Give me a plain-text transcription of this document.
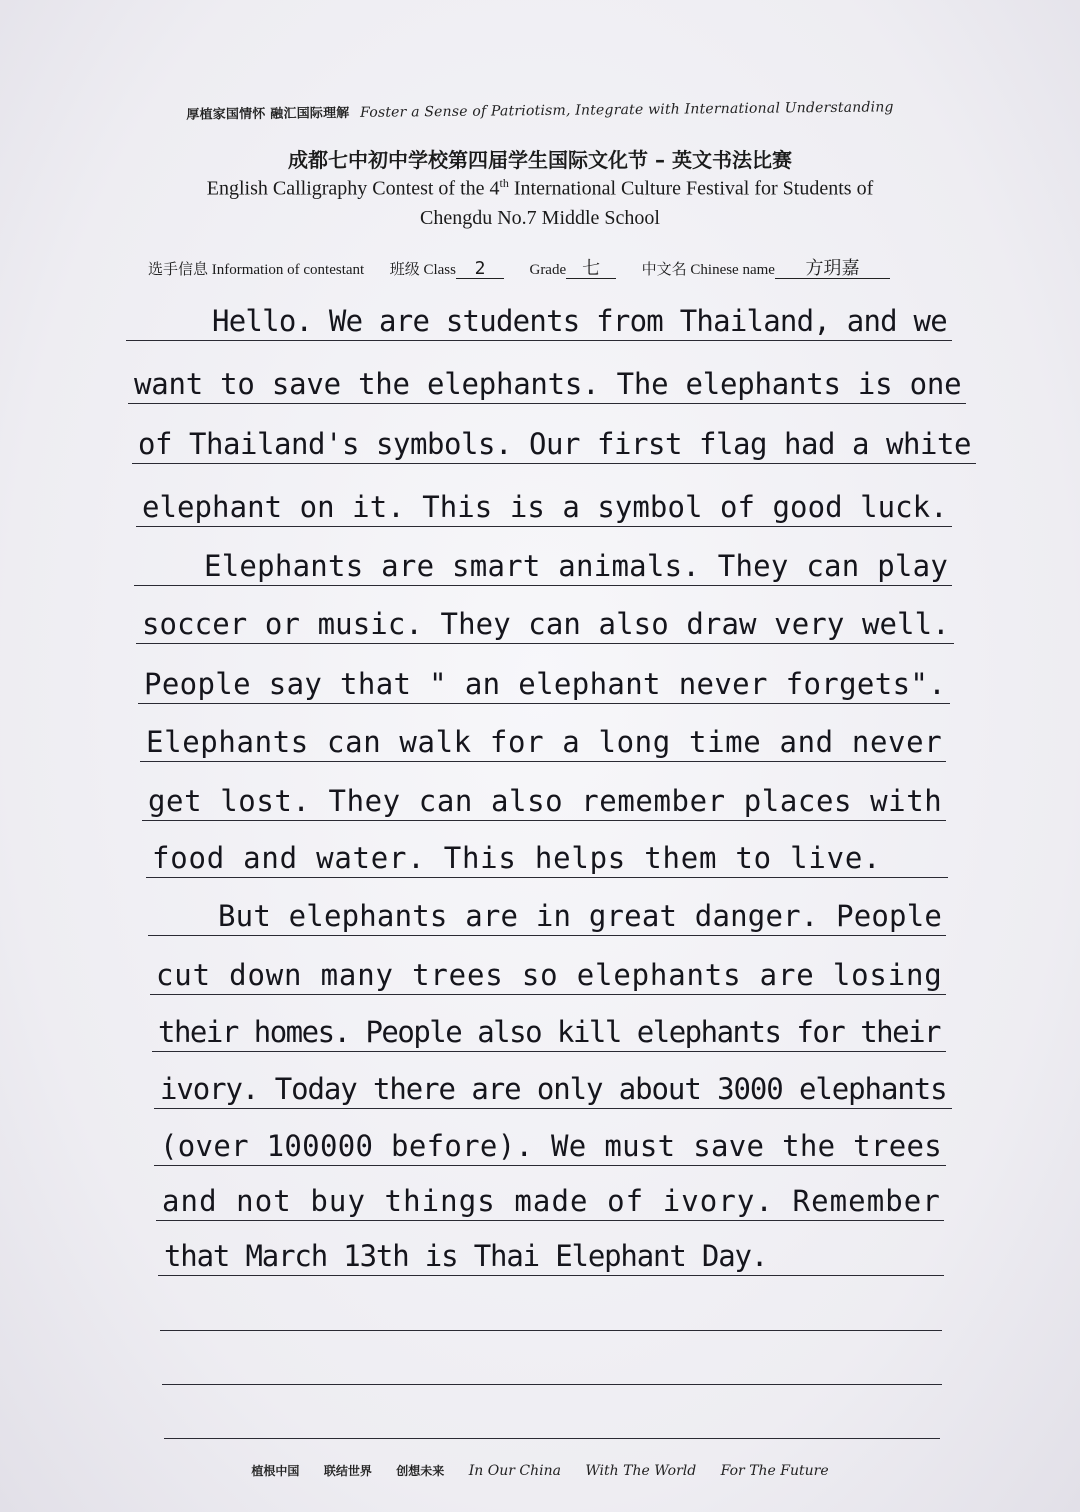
厚植家国情怀 融汇国际理解 Foster a Sense of Patriotism, Integrate with International Understanding
成都七中初中学校第四届学生国际文化节 – 英文书法比赛
English Calligraphy Contest of the 4th International Culture Festival for Students of
Chengdu No.7 Middle School
选手信息 Information of contestant 班级 Class 2	Grade 七	中文名 Chinese name 方玥嘉
Hello. We are students from Thailand, and we
want to save the elephants. The elephants is one
of Thailand's symbols. Our first flag had a white
elephant on it. This is a symbol of good luck.
Elephants are smart animals. They can play
soccer or music. They can also draw very well.
People say that " an elephant never forgets".
Elephants can walk for a long time and never
get lost. They can also remember places with
food and water. This helps them to live.
But elephants are in great danger. People
cut down many trees so elephants are losing
their homes. People also kill elephants for their
ivory. Today there are only about 3000 elephants
(over 100000 before). We must save the trees
and not buy things made of ivory. Remember
that March 13th is Thai Elephant Day.
植根中国 联结世界 创想未来 In Our China With The World For The Future
